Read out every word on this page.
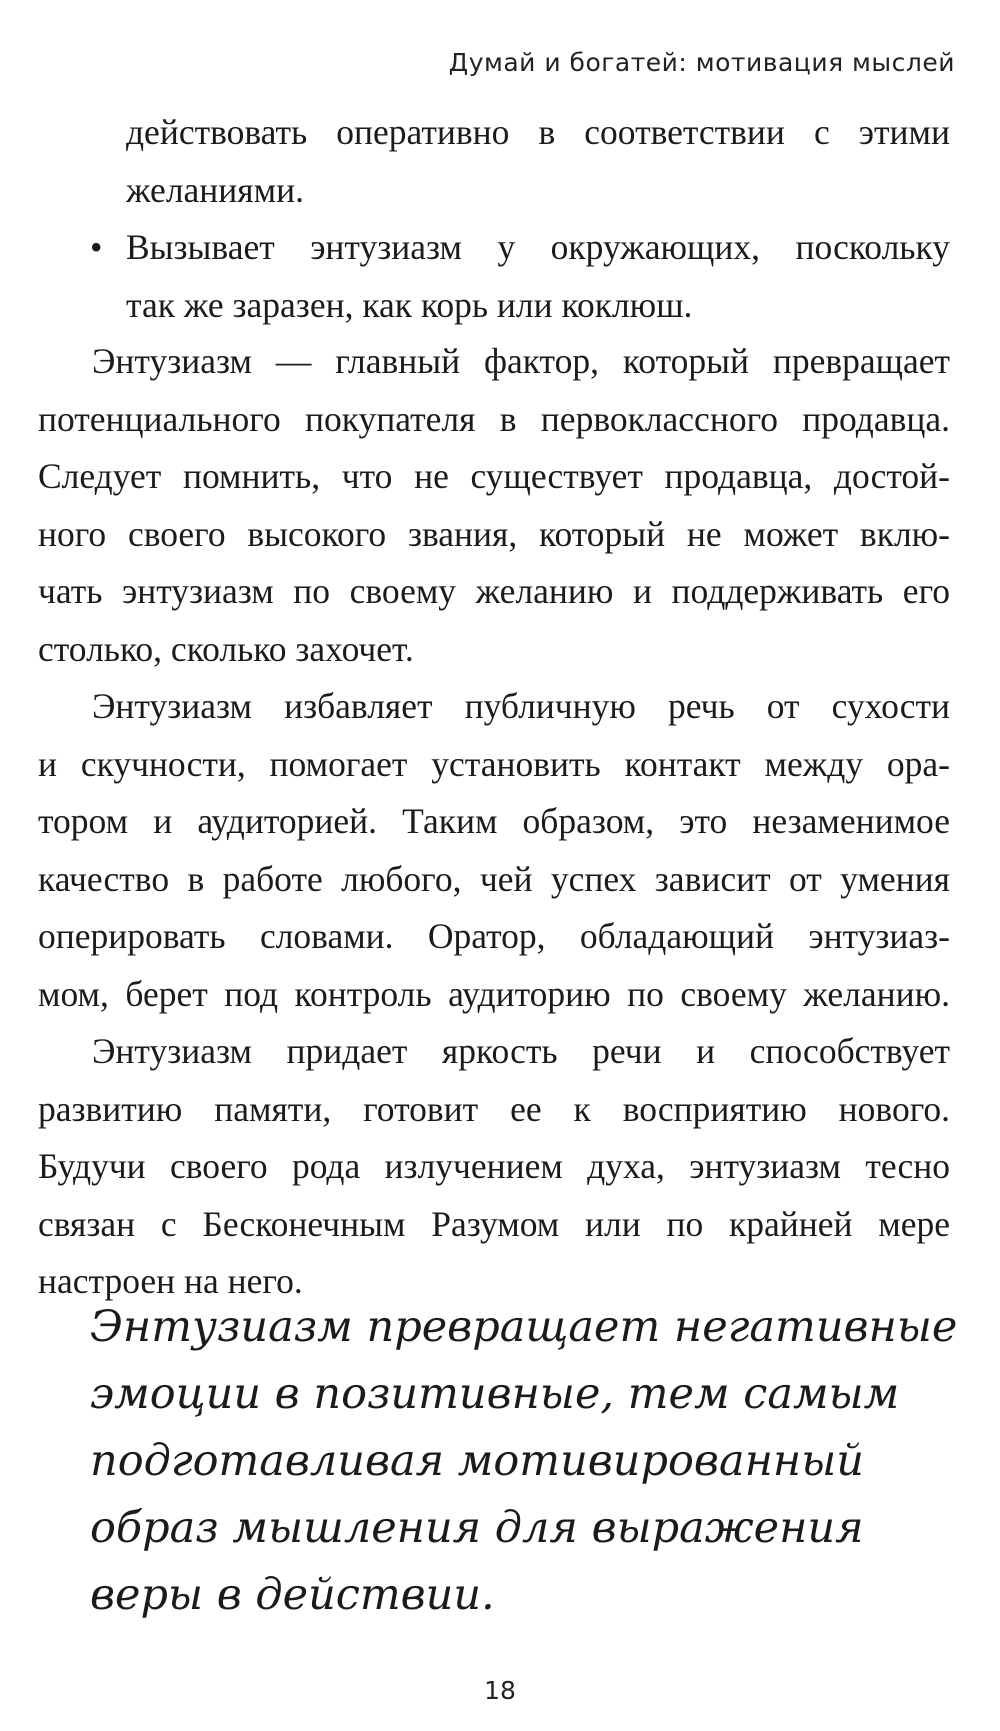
Думай и богатей: мотивация мыслей
действовать оперативно в соответствии с этими
желаниями.
• Вызывает энтузиазм у окружающих, поскольку
так же заразен, как корь или коклюш.
Энтузиазм — главный фактор, который превращает
потенциального покупателя в первоклассного продавца.
Следует помнить, что не существует продавца, достой-
ного своего высокого звания, который не может вклю-
чать энтузиазм по своему желанию и поддерживать его
столько, сколько захочет.
Энтузиазм избавляет публичную речь от сухости
и скучности, помогает установить контакт между ора-
тором и аудиторией. Таким образом, это незаменимое
качество в работе любого, чей успех зависит от умения
оперировать словами. Оратор, обладающий энтузиаз-
мом, берет под контроль аудиторию по своему желанию.
Энтузиазм придает яркость речи и способствует
развитию памяти, готовит ее к восприятию нового.
Будучи своего рода излучением духа, энтузиазм тесно
связан с Бесконечным Разумом или по крайней мере
настроен на него.
Энтузиазм превращает негативные
эмоции в позитивные, тем самым
подготавливая мотивированный
образ мышления для выражения
веры в действии.
18
